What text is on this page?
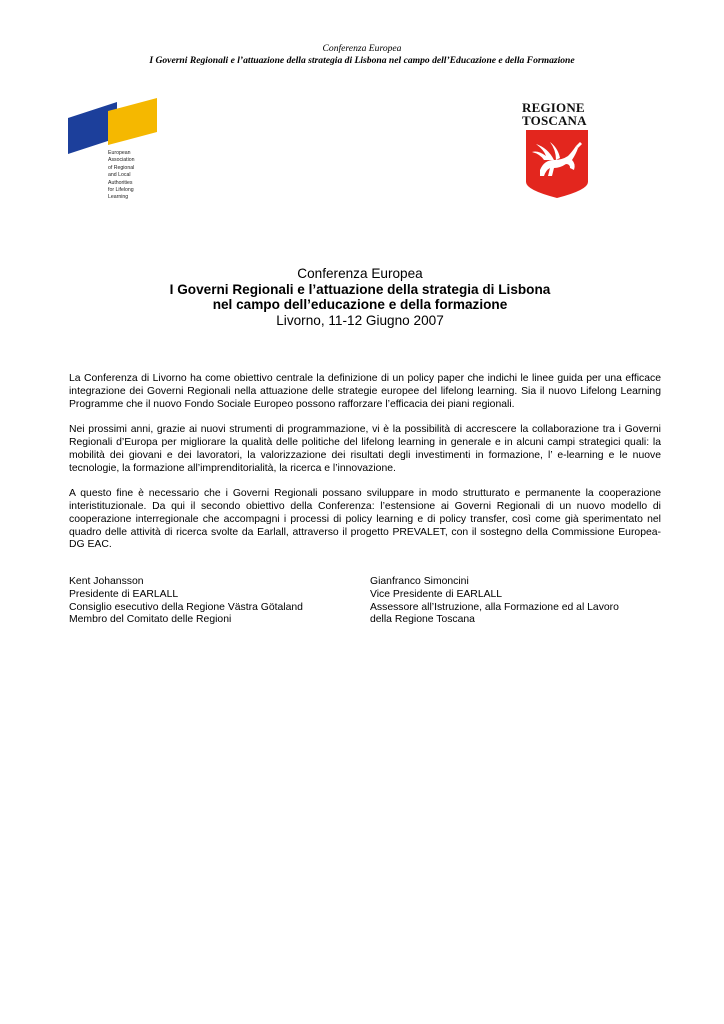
Conferenza Europea
I Governi Regionali e l’attuazione della strategia di Lisbona nel campo dell’Educazione e della Formazione
European
Association
of Regional
and Local
Authorities
for Lifelong
Learning
REGIONE
TOSCANA
Conferenza Europea
I Governi Regionali e l’attuazione della strategia di Lisbona
nel campo dell’educazione e della formazione
Livorno, 11-12 Giugno 2007

La Conferenza di Livorno ha come obiettivo centrale la definizione di un policy paper che indichi le linee guida per una efficace integrazione dei Governi Regionali nella attuazione delle strategie europee del lifelong learning. Sia il nuovo Lifelong Learning Programme che il nuovo Fondo Sociale Europeo possono rafforzare l’efficacia dei piani regionali.

Nei prossimi anni, grazie ai nuovi strumenti di programmazione, vi è la possibilità di accrescere la collaborazione tra i Governi Regionali d’Europa per migliorare la qualità delle politiche del lifelong learning in generale e in alcuni campi strategici quali: la mobilità dei giovani e dei lavoratori, la valorizzazione dei risultati degli investimenti in formazione, l’ e-learning e le nuove tecnologie, la formazione all’imprenditorialità, la ricerca e l’innovazione.

A questo fine è necessario che i Governi Regionali possano sviluppare in modo strutturato e permanente la cooperazione interistituzionale. Da qui il secondo obiettivo della Conferenza: l’estensione ai Governi Regionali di un nuovo modello di cooperazione interregionale che accompagni i processi di policy learning e di policy transfer, così come già sperimentato nel quadro delle attività di ricerca svolte da Earlall, attraverso il progetto PREVALET, con il sostegno della Commissione Europea-DG EAC.

Kent Johansson
Presidente di EARLALL
Consiglio esecutivo della Regione Västra Götaland
Membro del Comitato delle Regioni
Gianfranco Simoncini
Vice Presidente di EARLALL
Assessore all’Istruzione, alla Formazione ed al Lavoro
della Regione Toscana
